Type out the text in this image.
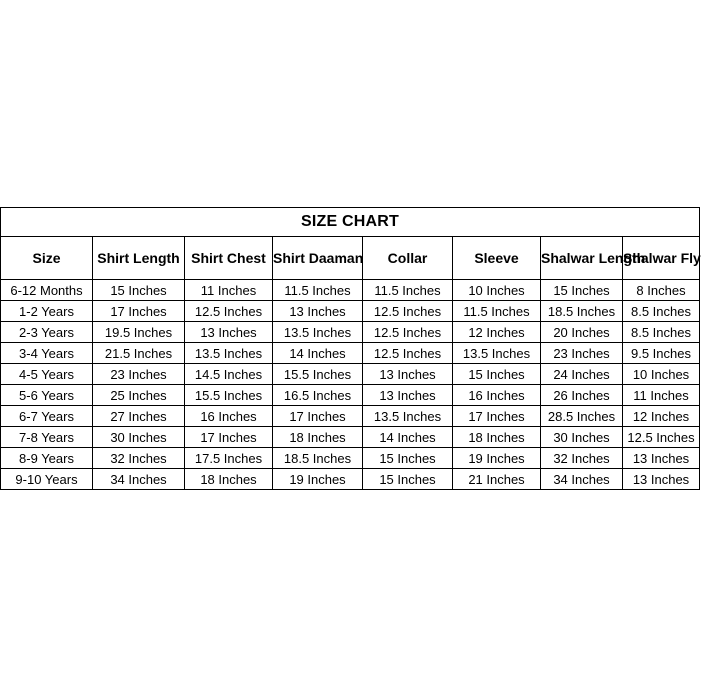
SIZE CHART							
Size	Shirt Length	Shirt Chest	Shirt Daaman	Collar	Sleeve	Shalwar Length	Shalwar Fly
6-12 Months	15 Inches	11 Inches	11.5 Inches	11.5 Inches	10 Inches	15 Inches	8 Inches
1-2 Years	17 Inches	12.5 Inches	13 Inches	12.5 Inches	11.5 Inches	18.5 Inches	8.5 Inches
2-3 Years	19.5 Inches	13 Inches	13.5 Inches	12.5 Inches	12 Inches	20 Inches	8.5 Inches
3-4 Years	21.5 Inches	13.5 Inches	14 Inches	12.5 Inches	13.5 Inches	23 Inches	9.5 Inches
4-5 Years	23 Inches	14.5 Inches	15.5 Inches	13 Inches	15 Inches	24 Inches	10 Inches
5-6 Years	25 Inches	15.5 Inches	16.5 Inches	13 Inches	16 Inches	26 Inches	11 Inches
6-7 Years	27 Inches	16 Inches	17 Inches	13.5 Inches	17 Inches	28.5 Inches	12 Inches
7-8 Years	30 Inches	17 Inches	18 Inches	14 Inches	18 Inches	30 Inches	12.5 Inches
8-9 Years	32 Inches	17.5 Inches	18.5 Inches	15 Inches	19 Inches	32 Inches	13 Inches
9-10 Years	34 Inches	18 Inches	19 Inches	15 Inches	21 Inches	34 Inches	13 Inches
